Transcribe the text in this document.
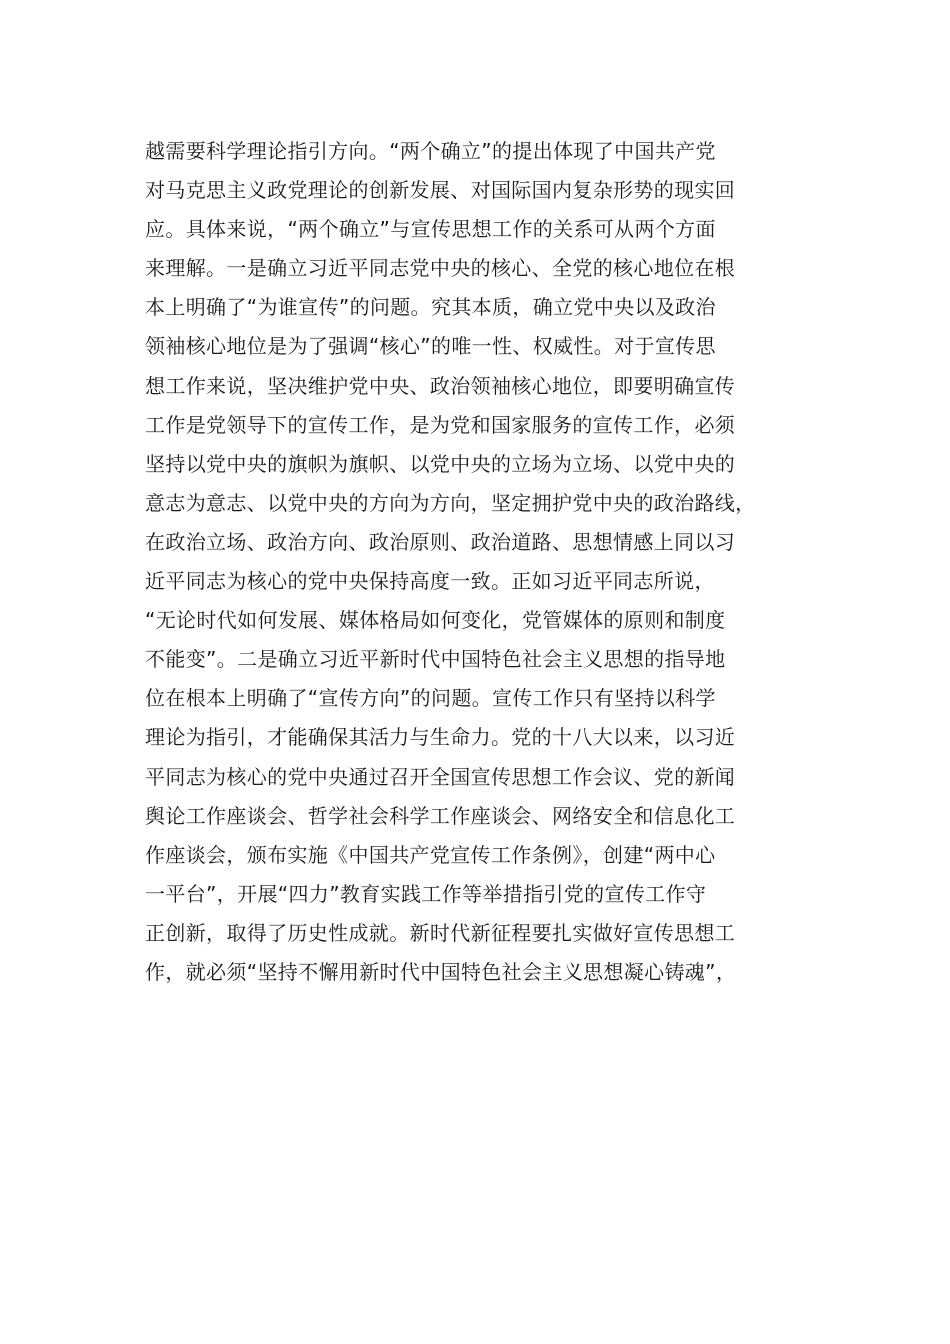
越需要科学理论指引方向。“两个确立”的提出体现了中国共产党
对马克思主义政党理论的创新发展、对国际国内复杂形势的现实回
应。具体来说，“两个确立”与宣传思想工作的关系可从两个方面
来理解。一是确立习近平同志党中央的核心、全党的核心地位在根
本上明确了“为谁宣传”的问题。究其本质，确立党中央以及政治
领袖核心地位是为了强调“核心”的唯一性、权威性。对于宣传思
想工作来说，坚决维护党中央、政治领袖核心地位，即要明确宣传
工作是党领导下的宣传工作，是为党和国家服务的宣传工作，必须
坚持以党中央的旗帜为旗帜、以党中央的立场为立场、以党中央的
意志为意志、以党中央的方向为方向，坚定拥护党中央的政治路线，
在政治立场、政治方向、政治原则、政治道路、思想情感上同以习
近平同志为核心的党中央保持高度一致。正如习近平同志所说，
“无论时代如何发展、媒体格局如何变化，党管媒体的原则和制度
不能变”。二是确立习近平新时代中国特色社会主义思想的指导地
位在根本上明确了“宣传方向”的问题。宣传工作只有坚持以科学
理论为指引，才能确保其活力与生命力。党的十八大以来，以习近
平同志为核心的党中央通过召开全国宣传思想工作会议、党的新闻
舆论工作座谈会、哲学社会科学工作座谈会、网络安全和信息化工
作座谈会，颁布实施《中国共产党宣传工作条例》，创建“两中心
一平台”，开展“四力”教育实践工作等举措指引党的宣传工作守
正创新，取得了历史性成就。新时代新征程要扎实做好宣传思想工
作，就必须“坚持不懈用新时代中国特色社会主义思想凝心铸魂”，
